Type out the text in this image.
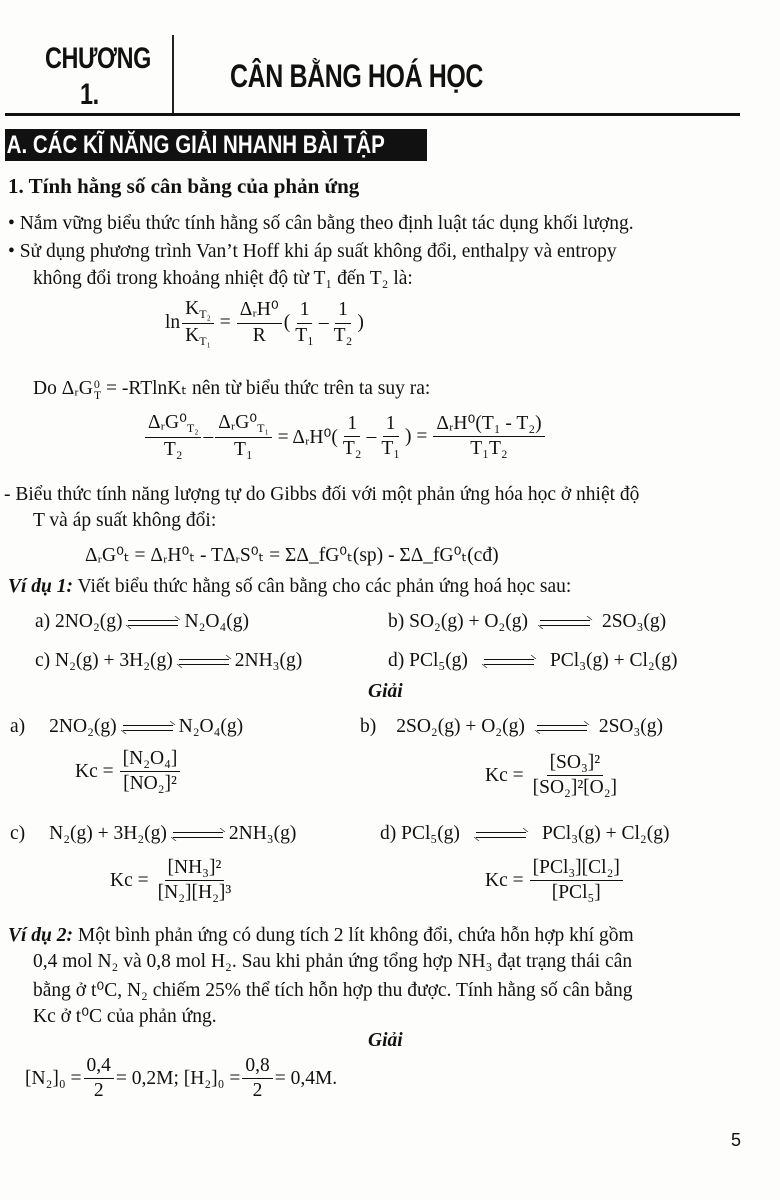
CHƯƠNG
1.
CÂN BẰNG HOÁ HỌC
A. CÁC KĨ NĂNG GIẢI NHANH BÀI TẬP
1. Tính hằng số cân bằng của phản ứng
• Nắm vững biểu thức tính hằng số cân bằng theo định luật tác dụng khối lượng.
• Sử dụng phương trình Van’t Hoff khi áp suất không đổi, enthalpy và entropy
không đổi trong khoảng nhiệt độ từ T₁ đến T₂ là:
$\ln \frac{K_{T_2}}{K_{T_1}} = \frac{\text{ΔᵣH⁰}}{R}$ ( $\frac{1}{\text{T₁}} - \frac{1}{\text{T₂}}$ )
Do ΔᵣG 0
T = -RTlnKₜ nên từ biểu thức trên ta suy ra:
$\frac{\Delta ᵣG^0_{T_2}}{\text{T₂}} - \frac{\Delta ᵣG^0_{T_1}}{\text{T₁}}$ = ΔᵣH⁰( $\frac{1}{\text{T₂}} - \frac{1}{\text{T₁}}$ ) = $\frac{\text{ΔᵣH⁰(T₁ - T₂)}}{\text{T₁T₂}}$
- Biểu thức tính năng lượng tự do Gibbs đối với một phản ứng hóa học ở nhiệt độ
T và áp suất không đổi:
ΔᵣG⁰ₜ = ΔᵣH⁰ₜ - TΔᵣS⁰ₜ = ΣΔ_fG⁰ₜ(sp) - ΣΔ_fG⁰ₜ(cđ)
Ví dụ 1: Viết biểu thức hằng số cân bằng cho các phản ứng hoá học sau:
a) 2NO₂(g)	N₂O₄(g)	b) SO₂(g) + O₂(g)	2SO₃(g)
c) N₂(g) + 3H₂(g)	2NH₃(g)	d) PCl₅(g)	PCl₃(g) + Cl₂(g)
Giải
a) 2NO₂(g)	N₂O₄(g)
$Kc = \frac{\text{[N₂O₄]}}{\text{[NO₂]²}}$
b) 2SO₂(g) + O₂(g)	2SO₃(g)
$Kc = \frac{\text{[SO₃]²}}{\text{[SO₂]²[O₂]}}$
c) N₂(g) + 3H₂(g)	2NH₃(g)
$Kc = \frac{\text{[NH₃]²}}{\text{[N₂][H₂]³}}$
d) PCl₅(g)	PCl₃(g) + Cl₂(g)
$Kc = \frac{\text{[PCl₃][Cl₂]}}{\text{[PCl₅]}}$
Ví dụ 2: Một bình phản ứng có dung tích 2 lít không đổi, chứa hỗn hợp khí gồm
0,4 mol N₂ và 0,8 mol H₂. Sau khi phản ứng tổng hợp NH₃ đạt trạng thái cân
bằng ở t⁰C, N₂ chiếm 25% thể tích hỗn hợp thu được. Tính hằng số cân bằng
Kc ở t⁰C của phản ứng.
Giải
$[N_2]_0 = \frac{0,4}{2} = 0,2M$; $[H_2]_0 = \frac{0,8}{2} = 0,4M$.
5
